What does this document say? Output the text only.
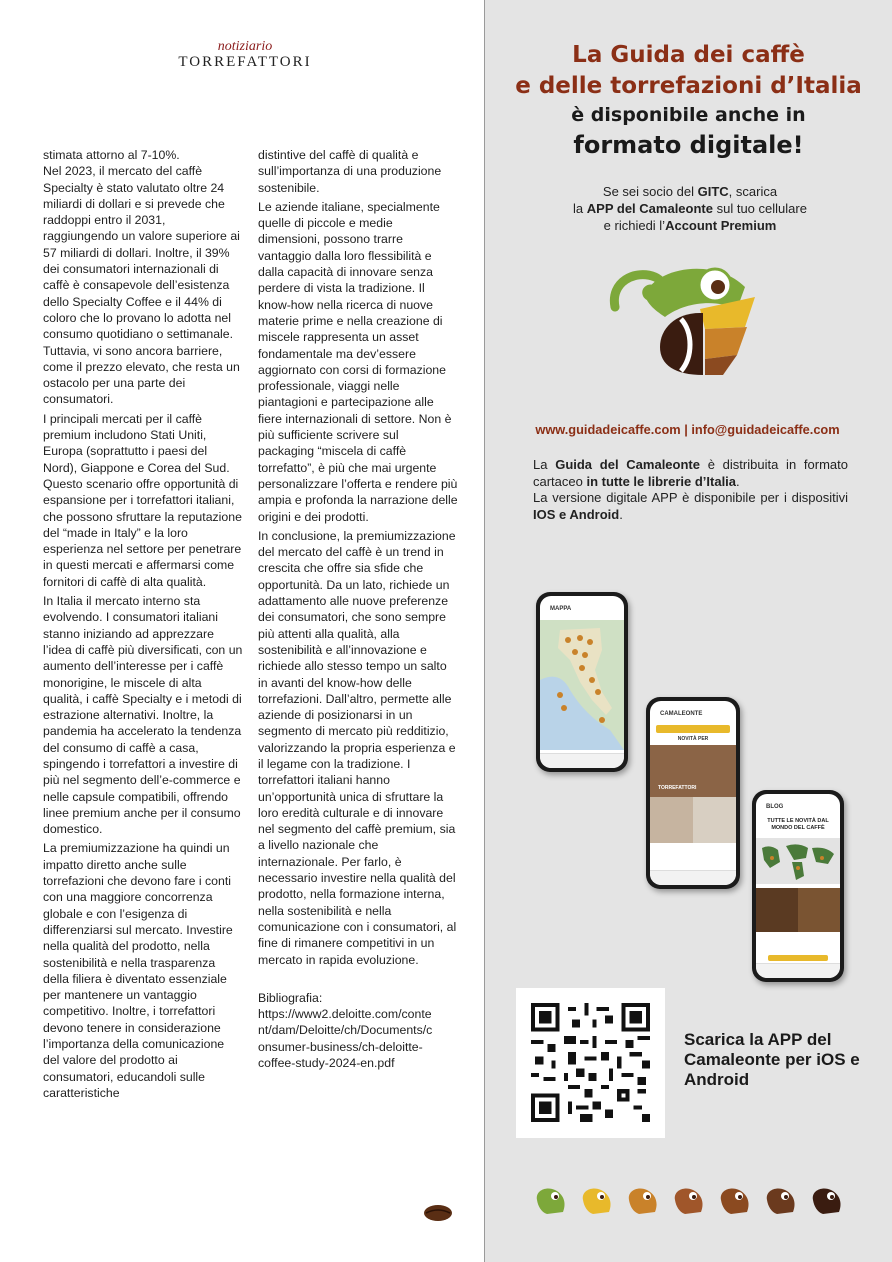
notiziario
TORREFATTORI

stimata attorno al 7-10%.
Nel 2023, il mercato del caffè Specialty è stato valutato oltre 24 miliardi di dollari e si prevede che raddoppi entro il 2031, raggiungendo un valore superiore ai 57 miliardi di dollari. Inoltre, il 39% dei consumatori internazionali di caffè è consapevole dell’esistenza dello Specialty Coffee e il 44% di coloro che lo provano lo adotta nel consumo quotidiano o settimanale. Tuttavia, vi sono ancora barriere, come il prezzo elevato, che resta un ostacolo per una parte dei consumatori.

I principali mercati per il caffè premium includono Stati Uniti, Europa (soprattutto i paesi del Nord), Giappone e Corea del Sud. Questo scenario offre opportunità di espansione per i torrefattori italiani, che possono sfruttare la reputazione del “made in Italy” e la loro esperienza nel settore per penetrare in questi mercati e affermarsi come fornitori di caffè di alta qualità.

In Italia il mercato interno sta evolvendo. I consumatori italiani stanno iniziando ad apprezzare l’idea di caffè più diversificati, con un aumento dell’interesse per i caffè monorigine, le miscele di alta qualità, i caffè Specialty e i metodi di estrazione alternativi. Inoltre, la pandemia ha accelerato la tendenza del consumo di caffè a casa, spingendo i torrefattori a investire di più nel segmento dell’e-commerce e nelle capsule compatibili, offrendo linee premium anche per il consumo domestico.

La premiumizzazione ha quindi un impatto diretto anche sulle torrefazioni che devono fare i conti con una maggiore concorrenza globale e con l’esigenza di differenziarsi sul mercato. Investire nella qualità del prodotto, nella sostenibilità e nella trasparenza della filiera è diventato essenziale per mantenere un vantaggio competitivo. Inoltre, i torrefattori devono tenere in considerazione l’importanza della comunicazione del valore del prodotto ai consumatori, educandoli sulle caratteristiche

distintive del caffè di qualità e sull’importanza di una produzione sostenibile.

Le aziende italiane, specialmente quelle di piccole e medie dimensioni, possono trarre vantaggio dalla loro flessibilità e dalla capacità di innovare senza perdere di vista la tradizione. Il know-how nella ricerca di nuove materie prime e nella creazione di miscele rappresenta un asset fondamentale ma dev’essere aggiornato con corsi di formazione professionale, viaggi nelle piantagioni e partecipazione alle fiere internazionali di settore. Non è più sufficiente scrivere sul packaging “miscela di caffè torrefatto”, è più che mai urgente personalizzare l’offerta e rendere più ampia e profonda la narrazione delle origini e dei prodotti.

In conclusione, la premiumizzazione del mercato del caffè è un trend in crescita che offre sia sfide che opportunità. Da un lato, richiede un adattamento alle nuove preferenze dei consumatori, che sono sempre più attenti alla qualità, alla sostenibilità e all’innovazione e richiede allo stesso tempo un salto in avanti del know-how delle torrefazioni. Dall’altro, permette alle aziende di posizionarsi in un segmento di mercato più redditizio, valorizzando la propria esperienza e il legame con la tradizione. I torrefattori italiani hanno un’opportunità unica di sfruttare la loro eredità culturale e di innovare nel segmento del caffè premium, sia a livello nazionale che internazionale. Per farlo, è necessario investire nella qualità del prodotto, nella formazione interna, nella sostenibilità e nella comunicazione con i consumatori, al fine di rimanere competitivi in un mercato in rapida evoluzione.

Bibliografia: https://www2.deloitte.com/content/dam/Deloitte/ch/Documents/consumer-business/ch-deloitte-coffee-study-2024-en.pdf

La Guida dei caffè
e delle torrefazioni d’Italia
è disponibile anche in
formato digitale!
Se sei socio del GITC, scarica
la APP del Camaleonte sul tuo cellulare
e richiedi l’Account Premium
www.guidadeicaffe.com | info@guidadeicaffe.com

La Guida del Camaleonte è distribuita in formato cartaceo in tutte le librerie d’Italia.

La versione digitale APP è disponibile per i dispositivi IOS e Android.

MAPPA
CAMALEONTE
NOVITÀ PER
TORREFATTORI
BLOG
TUTTE LE NOVITÀ DAL MONDO DEL CAFFÈ
Scarica la APP del Camaleonte per iOS e Android
